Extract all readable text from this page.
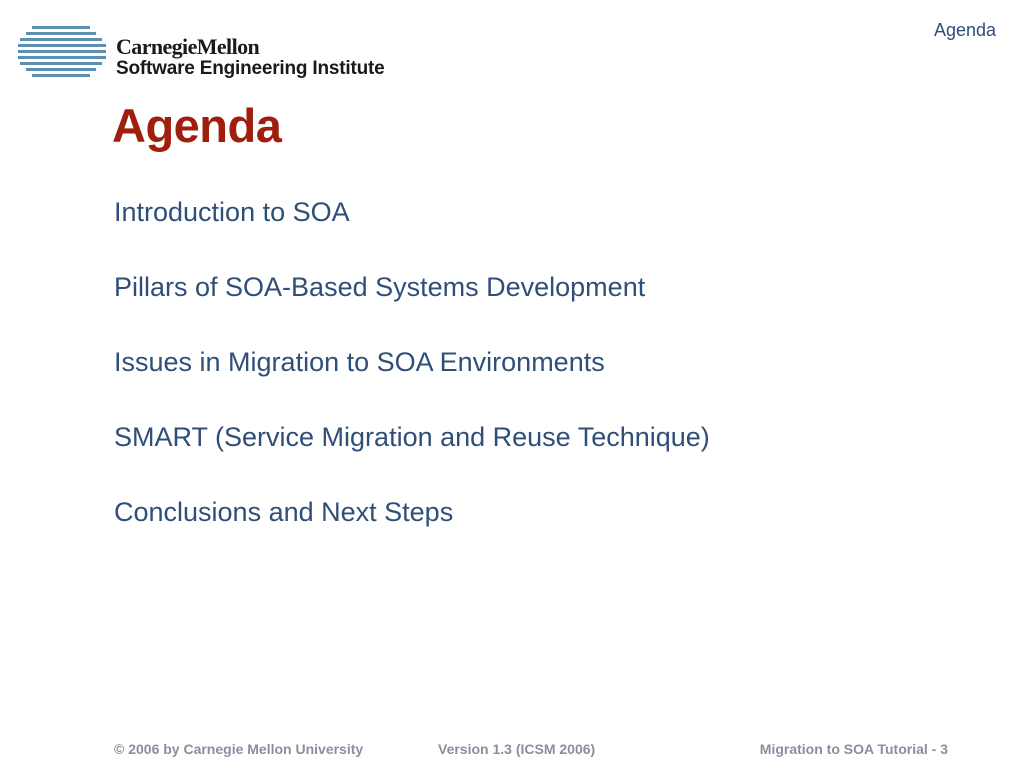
CarnegieMellon
Software Engineering Institute
Agenda
Agenda
Introduction to SOA
Pillars of SOA-Based Systems Development
Issues in Migration to SOA Environments
SMART (Service Migration and Reuse Technique)
Conclusions and Next Steps
© 2006 by Carnegie Mellon University	Version 1.3 (ICSM 2006)	Migration to SOA Tutorial - 3
